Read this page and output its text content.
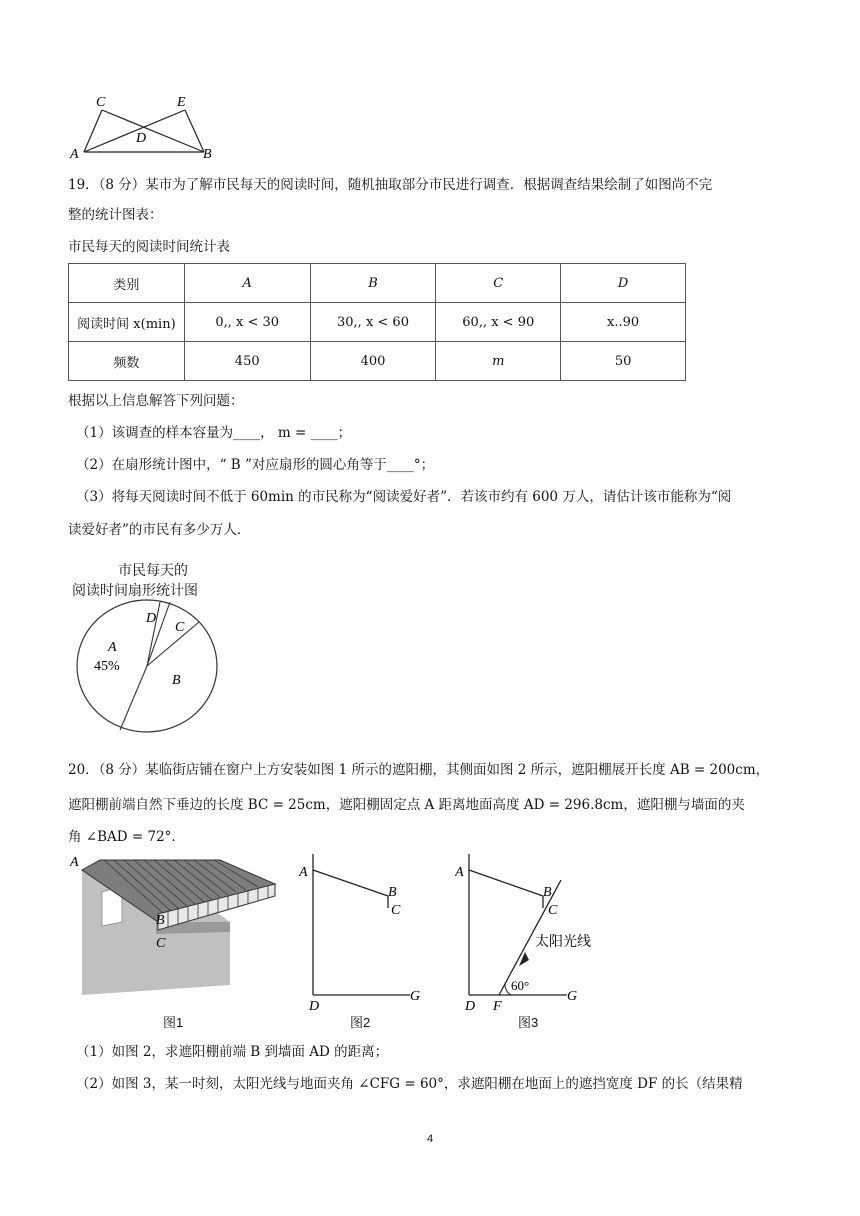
C	E
D
A	B
19．（8 分）某市为了解市民每天的阅读时间，随机抽取部分市民进行调查．根据调查结果绘制了如图尚不完
整的统计图表：
市民每天的阅读时间统计表
类别	A	B	C	D
阅读时间 x(min)	0,, x < 30	30,, x < 60	60,, x < 90	x..90
频数	450	400	m	50
根据以上信息解答下列问题：
（1）该调查的样本容量为____， m = ____；
（2）在扇形统计图中，“ B ”对应扇形的圆心角等于____°；
（3）将每天阅读时间不低于 60min 的市民称为“阅读爱好者”．若该市约有 600 万人，请估计该市能称为“阅
读爱好者”的市民有多少万人．
市民每天的
阅读时间扇形统计图
A
45%
B
C
D
20．（8 分）某临街店铺在窗户上方安装如图 1 所示的遮阳棚，其侧面如图 2 所示，遮阳棚展开长度 AB = 200cm，
遮阳棚前端自然下垂边的长度 BC = 25cm，遮阳棚固定点 A 距离地面高度 AD = 296.8cm，遮阳棚与墙面的夹
角 ∠BAD = 72°．
A
B
C
图1
A
B
C
D
G
图2
A
B
C
D F
G
60°
太阳光线
图3
（1）如图 2，求遮阳棚前端 B 到墙面 AD 的距离；
（2）如图 3，某一时刻，太阳光线与地面夹角 ∠CFG = 60°，求遮阳棚在地面上的遮挡宽度 DF 的长（结果精
4
